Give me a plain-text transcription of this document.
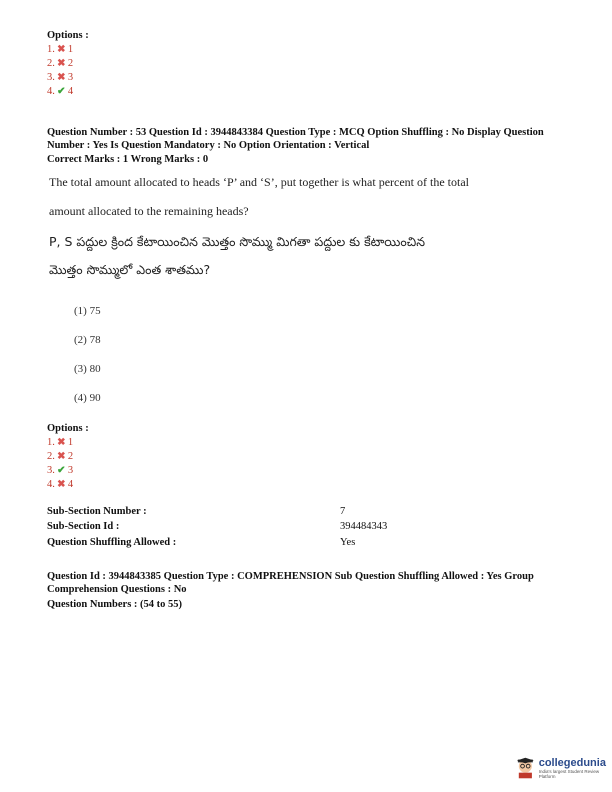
Options :
1. ✖ 1
2. ✖ 2
3. ✖ 3
4. ✔ 4
Question Number : 53 Question Id : 3944843384 Question Type : MCQ Option Shuffling : No Display Question
Number : Yes Is Question Mandatory : No Option Orientation : Vertical
Correct Marks : 1 Wrong Marks : 0
The total amount allocated to heads ‘P’ and ‘S’, put together is what percent of the total
amount allocated to the remaining heads?
P, S పద్దుల క్రింద కేటాయించిన మొత్తం సొమ్ము మిగతా పద్దుల కు కేటాయించిన
మొత్తం సొమ్ములో ఎంత శాతము?
(1) 75
(2) 78
(3) 80
(4) 90
Options :
1. ✖ 1
2. ✖ 2
3. ✔ 3
4. ✖ 4
Sub-Section Number :	7
Sub-Section Id :	394484343
Question Shuffling Allowed :	Yes
Question Id : 3944843385 Question Type : COMPREHENSION Sub Question Shuffling Allowed : Yes Group
Comprehension Questions : No
Question Numbers : (54 to 55)
collegedunia
India's largest Student Review Platform
